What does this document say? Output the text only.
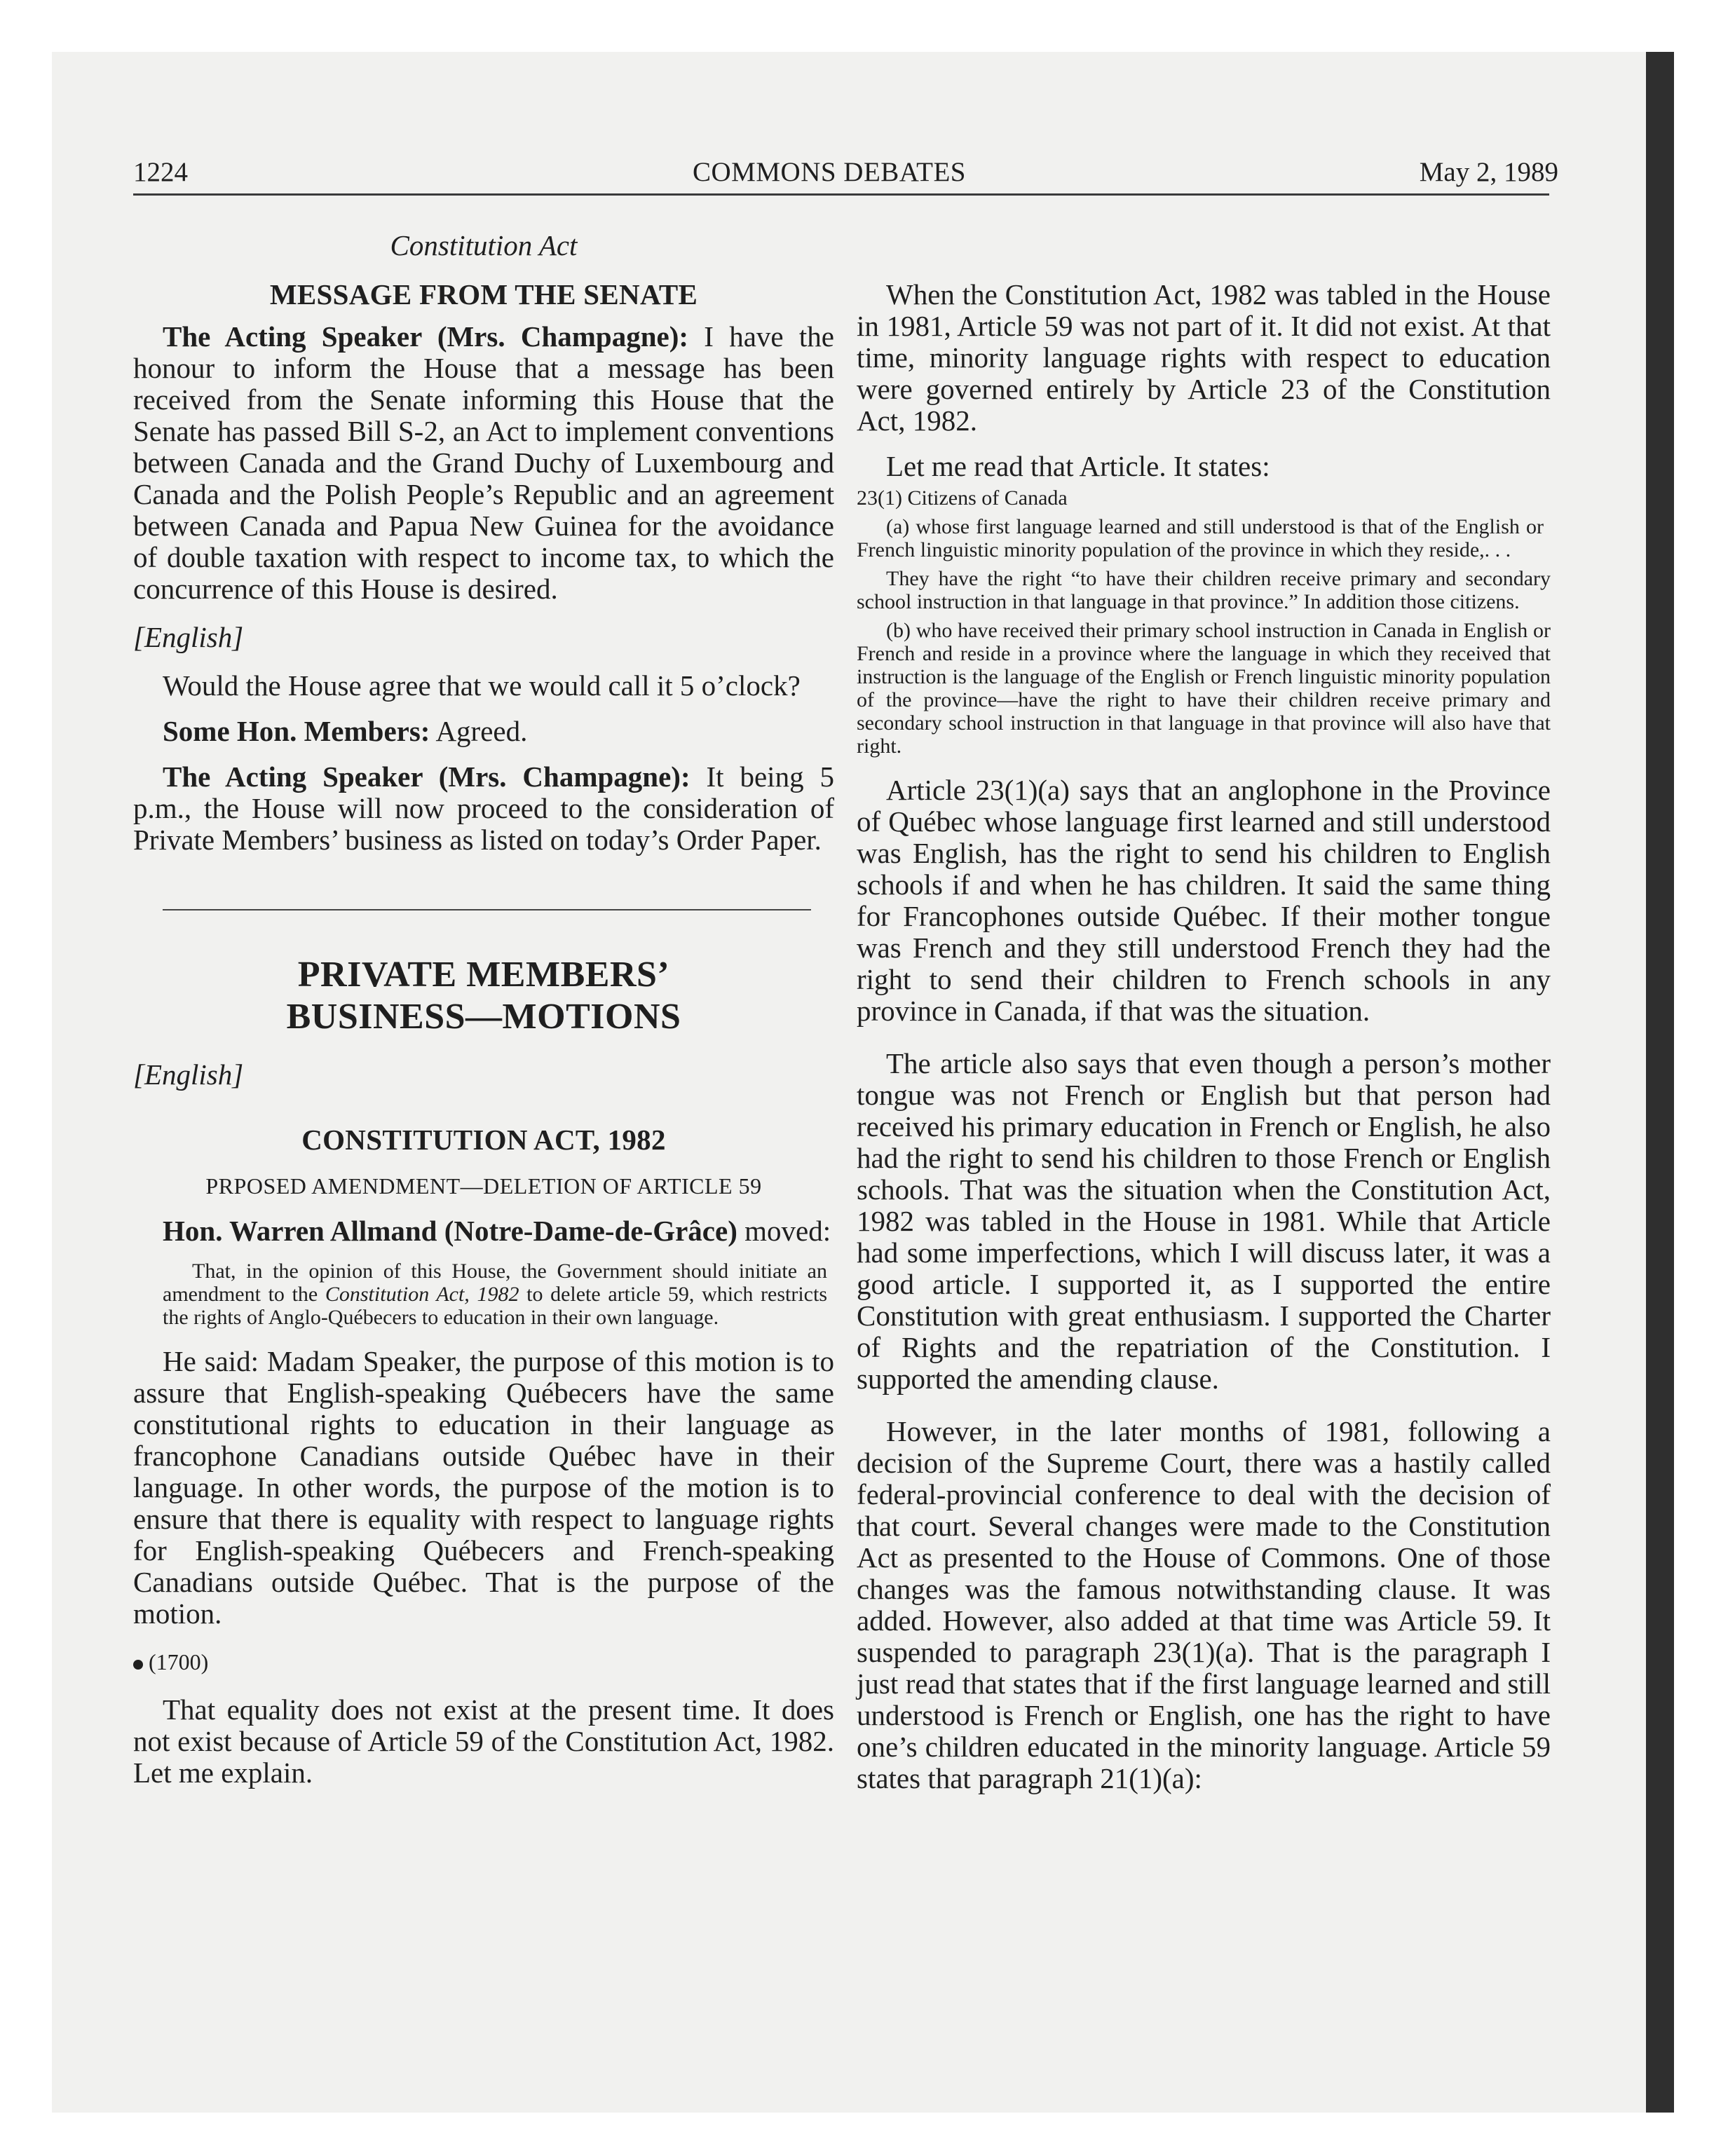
1224	COMMONS DEBATES	May 2, 1989

Constitution Act

MESSAGE FROM THE SENATE

The Acting Speaker (Mrs. Champagne): I have the honour to inform the House that a message has been received from the Senate informing this House that the Senate has passed Bill S-2, an Act to implement conventions between Canada and the Grand Duchy of Luxembourg and Canada and the Polish People’s Republic and an agreement between Canada and Papua New Guinea for the avoidance of double taxation with respect to income tax, to which the concurrence of this House is desired.

[English]

Would the House agree that we would call it 5 o’clock?

Some Hon. Members: Agreed.

The Acting Speaker (Mrs. Champagne): It being 5 p.m., the House will now proceed to the consideration of Private Members’ business as listed on today’s Order Paper.

PRIVATE MEMBERS’

BUSINESS—MOTIONS

[English]

CONSTITUTION ACT, 1982

PRPOSED AMENDMENT—DELETION OF ARTICLE 59

Hon. Warren Allmand (Notre-Dame-de-Grâce) moved:

That, in the opinion of this House, the Government should initiate an amendment to the Constitution Act, 1982 to delete article 59, which restricts the rights of Anglo-Québecers to education in their own language.

He said: Madam Speaker, the purpose of this motion is to assure that English-speaking Québecers have the same constitutional rights to education in their language as francophone Canadians outside Québec have in their language. In other words, the purpose of the motion is to ensure that there is equality with respect to language rights for English-speaking Québecers and French-speaking Canadians outside Québec. That is the purpose of the motion.

(1700)

That equality does not exist at the present time. It does not exist because of Article 59 of the Constitution Act, 1982. Let me explain.

When the Constitution Act, 1982 was tabled in the House in 1981, Article 59 was not part of it. It did not exist. At that time, minority language rights with respect to education were governed entirely by Article 23 of the Constitution Act, 1982.

Let me read that Article. It states:

23(1) Citizens of Canada

(a) whose first language learned and still understood is that of the English or French linguistic minority population of the province in which they reside,. . .

They have the right “to have their children receive primary and secondary school instruction in that language in that province.” In addition those citizens.

(b) who have received their primary school instruction in Canada in English or French and reside in a province where the language in which they received that instruction is the language of the English or French linguistic minority population of the province—have the right to have their children receive primary and secondary school instruction in that language in that province will also have that right.

Article 23(1)(a) says that an anglophone in the Province of Québec whose language first learned and still understood was English, has the right to send his children to English schools if and when he has children. It said the same thing for Francophones outside Québec. If their mother tongue was French and they still understood French they had the right to send their children to French schools in any province in Canada, if that was the situation.

The article also says that even though a person’s mother tongue was not French or English but that person had received his primary education in French or English, he also had the right to send his children to those French or English schools. That was the situation when the Constitution Act, 1982 was tabled in the House in 1981. While that Article had some imperfections, which I will discuss later, it was a good article. I supported it, as I supported the entire Constitution with great enthusiasm. I supported the Charter of Rights and the repatriation of the Constitution. I supported the amending clause.

However, in the later months of 1981, following a decision of the Supreme Court, there was a hastily called federal-provincial conference to deal with the decision of that court. Several changes were made to the Constitution Act as presented to the House of Commons. One of those changes was the famous notwithstanding clause. It was added. However, also added at that time was Article 59. It suspended to paragraph 23(1)(a). That is the paragraph I just read that states that if the first language learned and still understood is French or English, one has the right to have one’s children educated in the minority language. Article 59 states that paragraph 21(1)(a):
